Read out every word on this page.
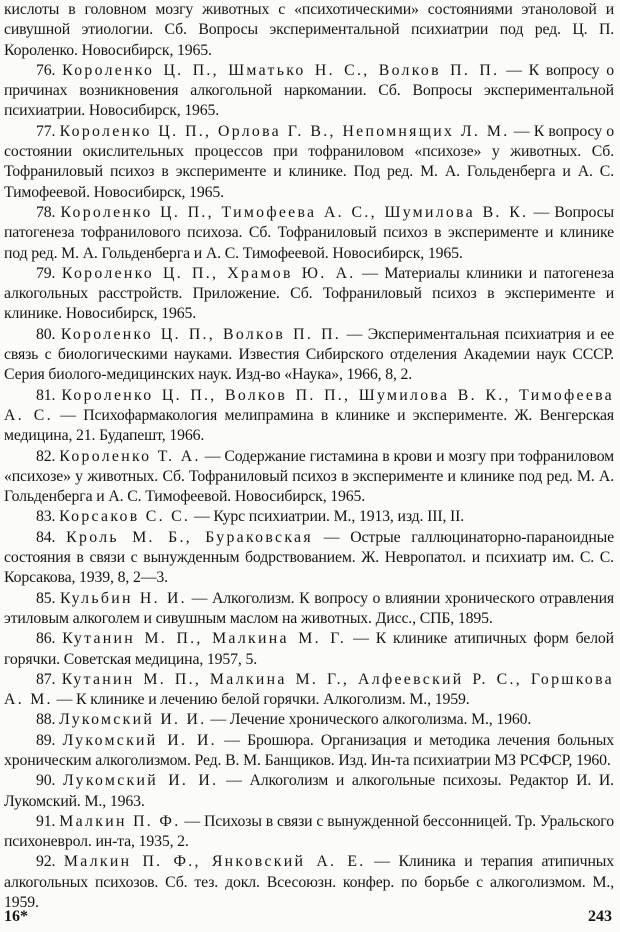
кислоты в головном мозгу животных с «психотическими» состояниями этаноловой и сивушной этиологии. Сб. Вопросы экспериментальной психиатрии под ред. Ц. П. Короленко. Новосибирск, 1965.

76. Короленко Ц. П., Шматько Н. С., Волков П. П. — К вопросу о причинах возникновения алкогольной наркомании. Сб. Вопросы экспериментальной психиатрии. Новосибирск, 1965.

77. Короленко Ц. П., Орлова Г. В., Непомнящих Л. М. — К вопросу о состоянии окислительных процессов при тофраниловом «психозе» у животных. Сб. Тофраниловый психоз в эксперименте и клинике. Под ред. М. А. Гольденберга и А. С. Тимофеевой. Новосибирск, 1965.

78. Короленко Ц. П., Тимофеева А. С., Шумилова В. К. — Вопросы патогенеза тофранилового психоза. Сб. Тофраниловый психоз в эксперименте и клинике под ред. М. А. Гольденберга и А. С. Тимофеевой. Новосибирск, 1965.

79. Короленко Ц. П., Храмов Ю. А. — Материалы клиники и патогенеза алкогольных расстройств. Приложение. Сб. Тофраниловый психоз в эксперименте и клинике. Новосибирск, 1965.

80. Короленко Ц. П., Волков П. П. — Экспериментальная психиатрия и ее связь с биологическими науками. Известия Сибирского отделения Академии наук СССР. Серия биолого-медицинских наук. Изд-во «Наука», 1966, 8, 2.

81. Короленко Ц. П., Волков П. П., Шумилова В. К., Тимофеева А. С. — Психофармакология мелипрамина в клинике и эксперименте. Ж. Венгерская медицина, 21. Будапешт, 1966.

82. Короленко Т. А. — Содержание гистамина в крови и мозгу при тофраниловом «психозе» у животных. Сб. Тофраниловый психоз в эксперименте и клинике под ред. М. А. Гольденберга и А. С. Тимофеевой. Новосибирск, 1965.

83. Корсаков С. С. — Курс психиатрии. М., 1913, изд. III, II.

84. Кроль М. Б., Бураковская — Острые галлюцинаторно-параноидные состояния в связи с вынужденным бодрствованием. Ж. Невропатол. и психиатр им. С. С. Корсакова, 1939, 8, 2—3.

85. Кульбин Н. И. — Алкоголизм. К вопросу о влиянии хронического отравления этиловым алкоголем и сивушным маслом на животных. Дисс., СПБ, 1895.

86. Кутанин М. П., Малкина М. Г. — К клинике атипичных форм белой горячки. Советская медицина, 1957, 5.

87. Кутанин М. П., Малкина М. Г., Алфеевский Р. С., Горшкова А. М. — К клинике и лечению белой горячки. Алкоголизм. М., 1959.

88. Лукомский И. И. — Лечение хронического алкоголизма. М., 1960.

89. Лукомский И. И. — Брошюра. Организация и методика лечения больных хроническим алкоголизмом. Ред. В. М. Банщиков. Изд. Ин-та психиатрии МЗ РСФСР, 1960.

90. Лукомский И. И. — Алкоголизм и алкогольные психозы. Редактор И. И. Лукомский. М., 1963.

91. Малкин П. Ф. — Психозы в связи с вынужденной бессонницей. Тр. Уральского психоневрол. ин-та, 1935, 2.

92. Малкин П. Ф., Янковский А. Е. — Клиника и терапия атипичных алкогольных психозов. Сб. тез. докл. Всесоюзн. конфер. по борьбе с алкоголизмом. М., 1959.

16*	243
